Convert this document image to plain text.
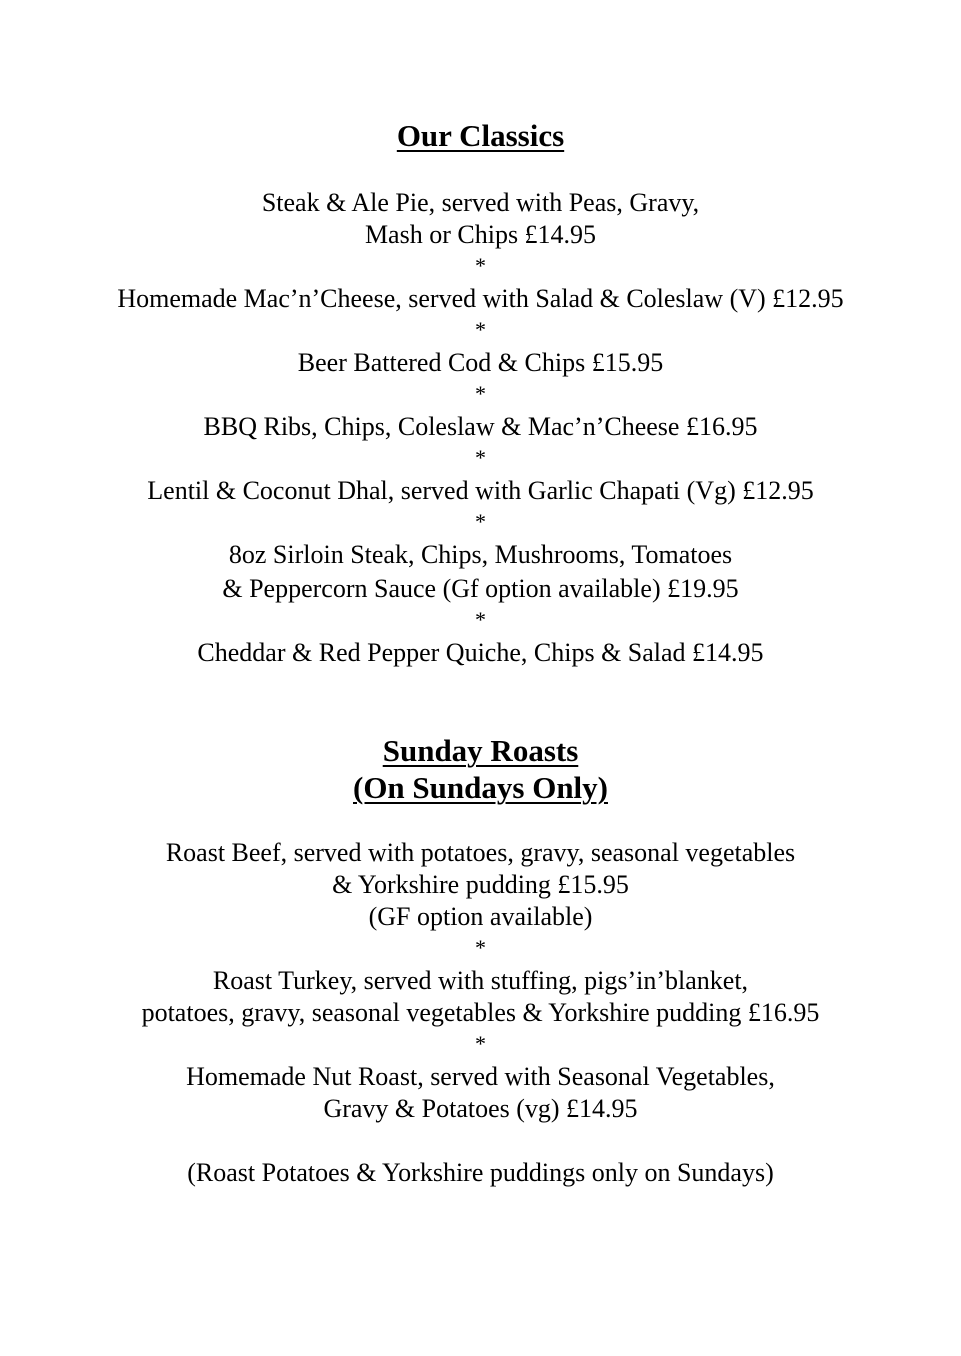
Our Classics
Steak & Ale Pie, served with Peas, Gravy,
Mash or Chips £14.95
*
Homemade Mac’n’Cheese, served with Salad & Coleslaw (V) £12.95
*
Beer Battered Cod & Chips £15.95
*
BBQ Ribs, Chips, Coleslaw & Mac’n’Cheese £16.95
*
Lentil & Coconut Dhal, served with Garlic Chapati (Vg) £12.95
*
8oz Sirloin Steak, Chips, Mushrooms, Tomatoes
& Peppercorn Sauce (Gf option available) £19.95
*
Cheddar & Red Pepper Quiche, Chips & Salad £14.95
Sunday Roasts
(On Sundays Only)
Roast Beef, served with potatoes, gravy, seasonal vegetables
& Yorkshire pudding £15.95
(GF option available)
*
Roast Turkey, served with stuffing, pigs’in’blanket,
potatoes, gravy, seasonal vegetables & Yorkshire pudding £16.95
*
Homemade Nut Roast, served with Seasonal Vegetables,
Gravy & Potatoes (vg) £14.95
(Roast Potatoes & Yorkshire puddings only on Sundays)
